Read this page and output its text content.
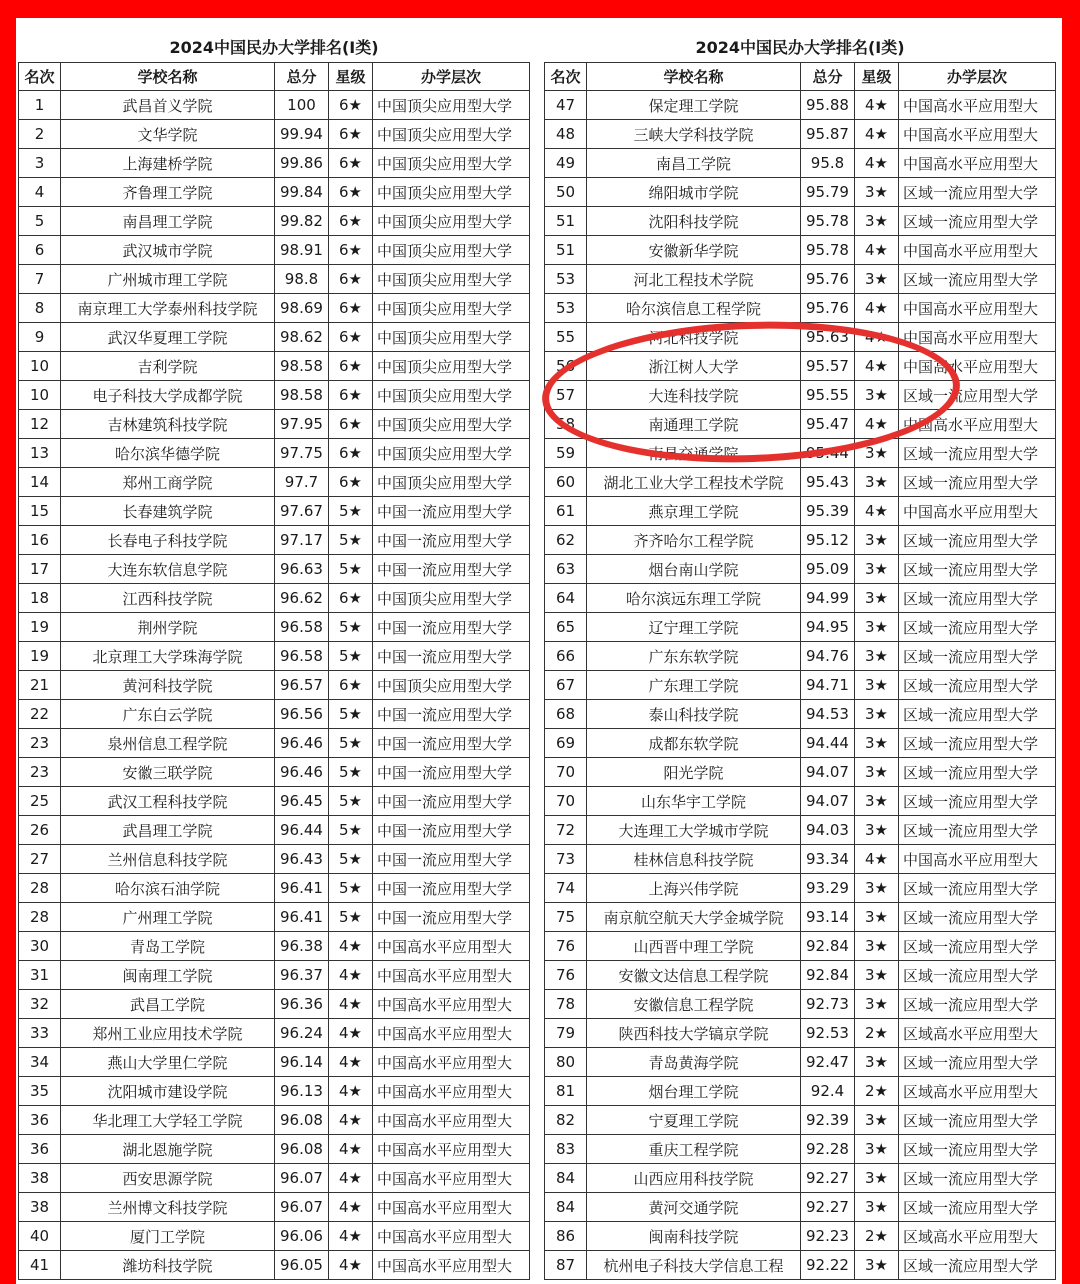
2024中国民办大学排名(I类)
名次	学校名称	总分	星级	办学层次
1	武昌首义学院	100	6★	中国顶尖应用型大学
2	文华学院	99.94	6★	中国顶尖应用型大学
3	上海建桥学院	99.86	6★	中国顶尖应用型大学
4	齐鲁理工学院	99.84	6★	中国顶尖应用型大学
5	南昌理工学院	99.82	6★	中国顶尖应用型大学
6	武汉城市学院	98.91	6★	中国顶尖应用型大学
7	广州城市理工学院	98.8	6★	中国顶尖应用型大学
8	南京理工大学泰州科技学院	98.69	6★	中国顶尖应用型大学
9	武汉华夏理工学院	98.62	6★	中国顶尖应用型大学
10	吉利学院	98.58	6★	中国顶尖应用型大学
10	电子科技大学成都学院	98.58	6★	中国顶尖应用型大学
12	吉林建筑科技学院	97.95	6★	中国顶尖应用型大学
13	哈尔滨华德学院	97.75	6★	中国顶尖应用型大学
14	郑州工商学院	97.7	6★	中国顶尖应用型大学
15	长春建筑学院	97.67	5★	中国一流应用型大学
16	长春电子科技学院	97.17	5★	中国一流应用型大学
17	大连东软信息学院	96.63	5★	中国一流应用型大学
18	江西科技学院	96.62	6★	中国顶尖应用型大学
19	荆州学院	96.58	5★	中国一流应用型大学
19	北京理工大学珠海学院	96.58	5★	中国一流应用型大学
21	黄河科技学院	96.57	6★	中国顶尖应用型大学
22	广东白云学院	96.56	5★	中国一流应用型大学
23	泉州信息工程学院	96.46	5★	中国一流应用型大学
23	安徽三联学院	96.46	5★	中国一流应用型大学
25	武汉工程科技学院	96.45	5★	中国一流应用型大学
26	武昌理工学院	96.44	5★	中国一流应用型大学
27	兰州信息科技学院	96.43	5★	中国一流应用型大学
28	哈尔滨石油学院	96.41	5★	中国一流应用型大学
28	广州理工学院	96.41	5★	中国一流应用型大学
30	青岛工学院	96.38	4★	中国高水平应用型大
31	闽南理工学院	96.37	4★	中国高水平应用型大
32	武昌工学院	96.36	4★	中国高水平应用型大
33	郑州工业应用技术学院	96.24	4★	中国高水平应用型大
34	燕山大学里仁学院	96.14	4★	中国高水平应用型大
35	沈阳城市建设学院	96.13	4★	中国高水平应用型大
36	华北理工大学轻工学院	96.08	4★	中国高水平应用型大
36	湖北恩施学院	96.08	4★	中国高水平应用型大
38	西安思源学院	96.07	4★	中国高水平应用型大
38	兰州博文科技学院	96.07	4★	中国高水平应用型大
40	厦门工学院	96.06	4★	中国高水平应用型大
41	潍坊科技学院	96.05	4★	中国高水平应用型大
2024中国民办大学排名(I类)
名次	学校名称	总分	星级	办学层次
47	保定理工学院	95.88	4★	中国高水平应用型大
48	三峡大学科技学院	95.87	4★	中国高水平应用型大
49	南昌工学院	95.8	4★	中国高水平应用型大
50	绵阳城市学院	95.79	3★	区域一流应用型大学
51	沈阳科技学院	95.78	3★	区域一流应用型大学
51	安徽新华学院	95.78	4★	中国高水平应用型大
53	河北工程技术学院	95.76	3★	区域一流应用型大学
53	哈尔滨信息工程学院	95.76	4★	中国高水平应用型大
55	河北科技学院	95.63	4★	中国高水平应用型大
56	浙江树人大学	95.57	4★	中国高水平应用型大
57	大连科技学院	95.55	3★	区域一流应用型大学
58	南通理工学院	95.47	4★	中国高水平应用型大
59	南昌交通学院	95.44	3★	区域一流应用型大学
60	湖北工业大学工程技术学院	95.43	3★	区域一流应用型大学
61	燕京理工学院	95.39	4★	中国高水平应用型大
62	齐齐哈尔工程学院	95.12	3★	区域一流应用型大学
63	烟台南山学院	95.09	3★	区域一流应用型大学
64	哈尔滨远东理工学院	94.99	3★	区域一流应用型大学
65	辽宁理工学院	94.95	3★	区域一流应用型大学
66	广东东软学院	94.76	3★	区域一流应用型大学
67	广东理工学院	94.71	3★	区域一流应用型大学
68	泰山科技学院	94.53	3★	区域一流应用型大学
69	成都东软学院	94.44	3★	区域一流应用型大学
70	阳光学院	94.07	3★	区域一流应用型大学
70	山东华宇工学院	94.07	3★	区域一流应用型大学
72	大连理工大学城市学院	94.03	3★	区域一流应用型大学
73	桂林信息科技学院	93.34	4★	中国高水平应用型大
74	上海兴伟学院	93.29	3★	区域一流应用型大学
75	南京航空航天大学金城学院	93.14	3★	区域一流应用型大学
76	山西晋中理工学院	92.84	3★	区域一流应用型大学
76	安徽文达信息工程学院	92.84	3★	区域一流应用型大学
78	安徽信息工程学院	92.73	3★	区域一流应用型大学
79	陕西科技大学镐京学院	92.53	2★	区域高水平应用型大
80	青岛黄海学院	92.47	3★	区域一流应用型大学
81	烟台理工学院	92.4	2★	区域高水平应用型大
82	宁夏理工学院	92.39	3★	区域一流应用型大学
83	重庆工程学院	92.28	3★	区域一流应用型大学
84	山西应用科技学院	92.27	3★	区域一流应用型大学
84	黄河交通学院	92.27	3★	区域一流应用型大学
86	闽南科技学院	92.23	2★	区域高水平应用型大
87	杭州电子科技大学信息工程	92.22	3★	区域一流应用型大学
